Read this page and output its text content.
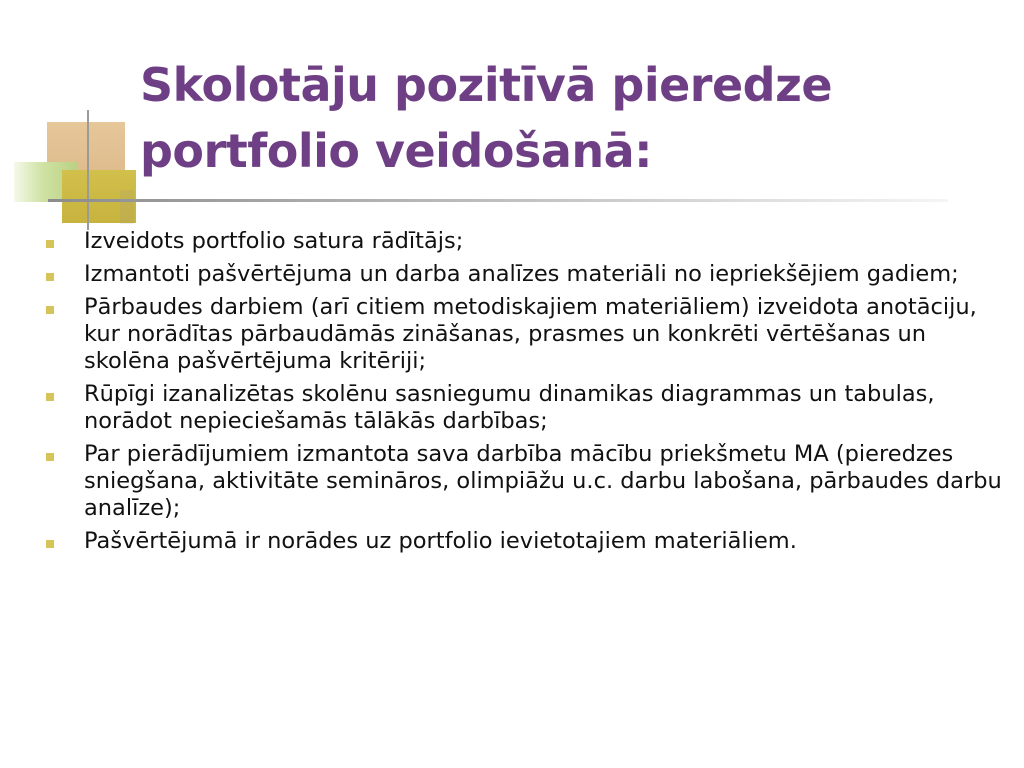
Skolotāju pozitīvā pieredze
portfolio veidošanā:
Izveidots portfolio satura rādītājs;
Izmantoti pašvērtējuma un darba analīzes materiāli no iepriekšējiem gadiem;
Pārbaudes darbiem (arī citiem metodiskajiem materiāliem) izveidota anotāciju, kur norādītas pārbaudāmās zināšanas, prasmes un konkrēti vērtēšanas un skolēna pašvērtējuma kritēriji;
Rūpīgi izanalizētas skolēnu sasniegumu dinamikas diagrammas un tabulas, norādot nepieciešamās tālākās darbības;
Par pierādījumiem izmantota sava darbība mācību priekšmetu MA (pieredzes sniegšana, aktivitāte semināros, olimpiāžu u.c. darbu labošana, pārbaudes darbu analīze);
Pašvērtējumā ir norādes uz portfolio ievietotajiem materiāliem.
